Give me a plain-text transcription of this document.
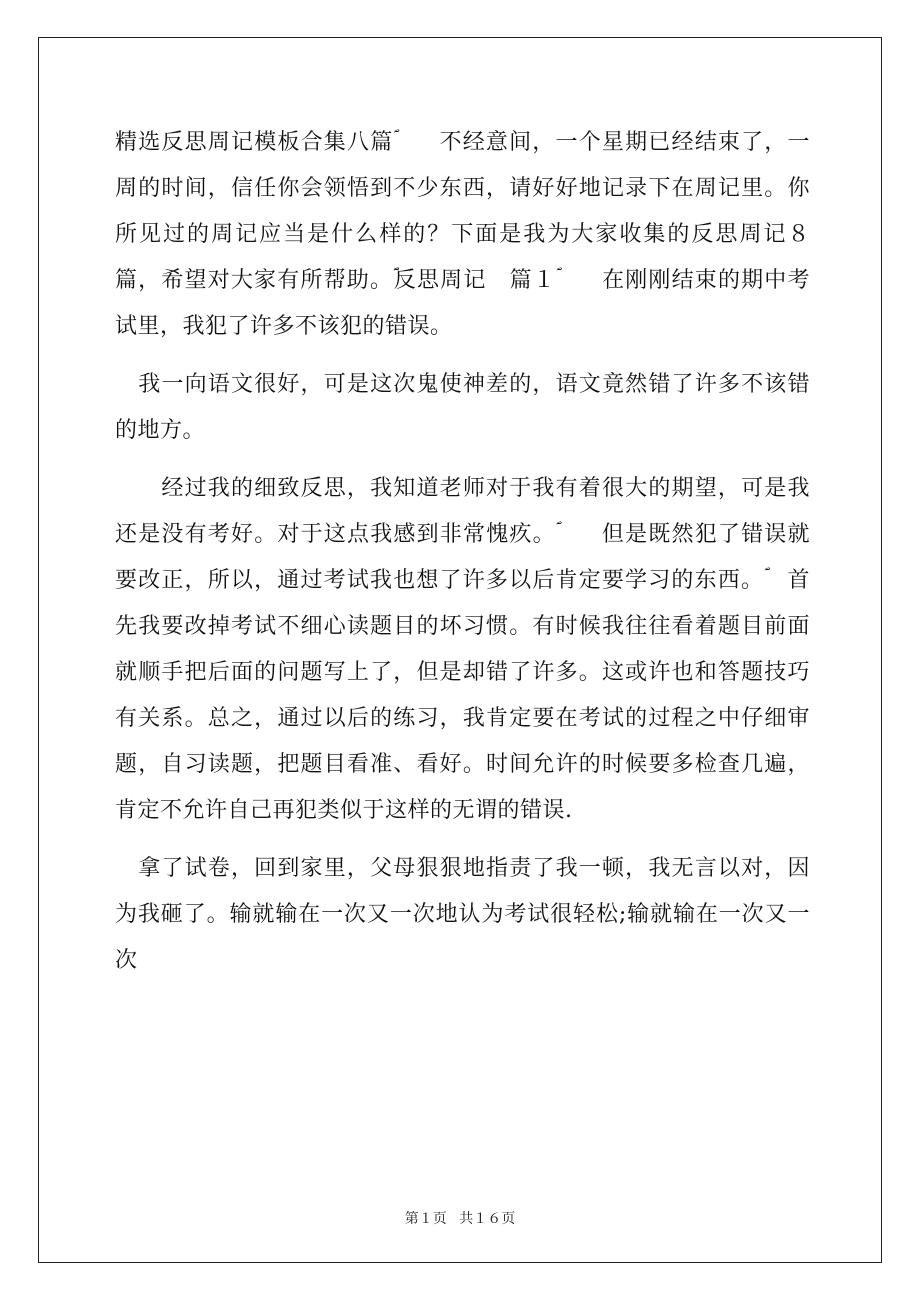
精选反思周记模板合集八篇ؐ　　不经意间，一个星期已经结束了，一周的时间，信任你会领悟到不少东西，请好好地记录下在周记里。你所见过的周记应当是什么样的？下面是我为大家收集的反思周记８篇，希望对大家有所帮助。ؐؐ反思周记　篇１ؐ　　在刚刚结束的期中考试里，我犯了许多不该犯的错误。

　我一向语文很好，可是这次鬼使神差的，语文竟然错了许多不该错的地方。

　　经过我的细致反思，我知道老师对于我有着很大的期望，可是我还是没有考好。对于这点我感到非常愧疚。ؐ　　但是既然犯了错误就要改正，所以，通过考试我也想了许多以后肯定要学习的东西。ؐ　首先我要改掉考试不细心读题目的坏习惯。有时候我往往看着题目前面就顺手把后面的问题写上了，但是却错了许多。这或许也和答题技巧有关系。总之，通过以后的练习，我肯定要在考试的过程之中仔细审题，自习读题，把题目看准、看好。时间允许的时候要多检查几遍，肯定不允许自己再犯类似于这样的无谓的错误.

　拿了试卷，回到家里，父母狠狠地指责了我一顿，我无言以对，因为我砸了。输就输在一次又一次地认为考试很轻松;输就输在一次又一次

第１页 共１６页
